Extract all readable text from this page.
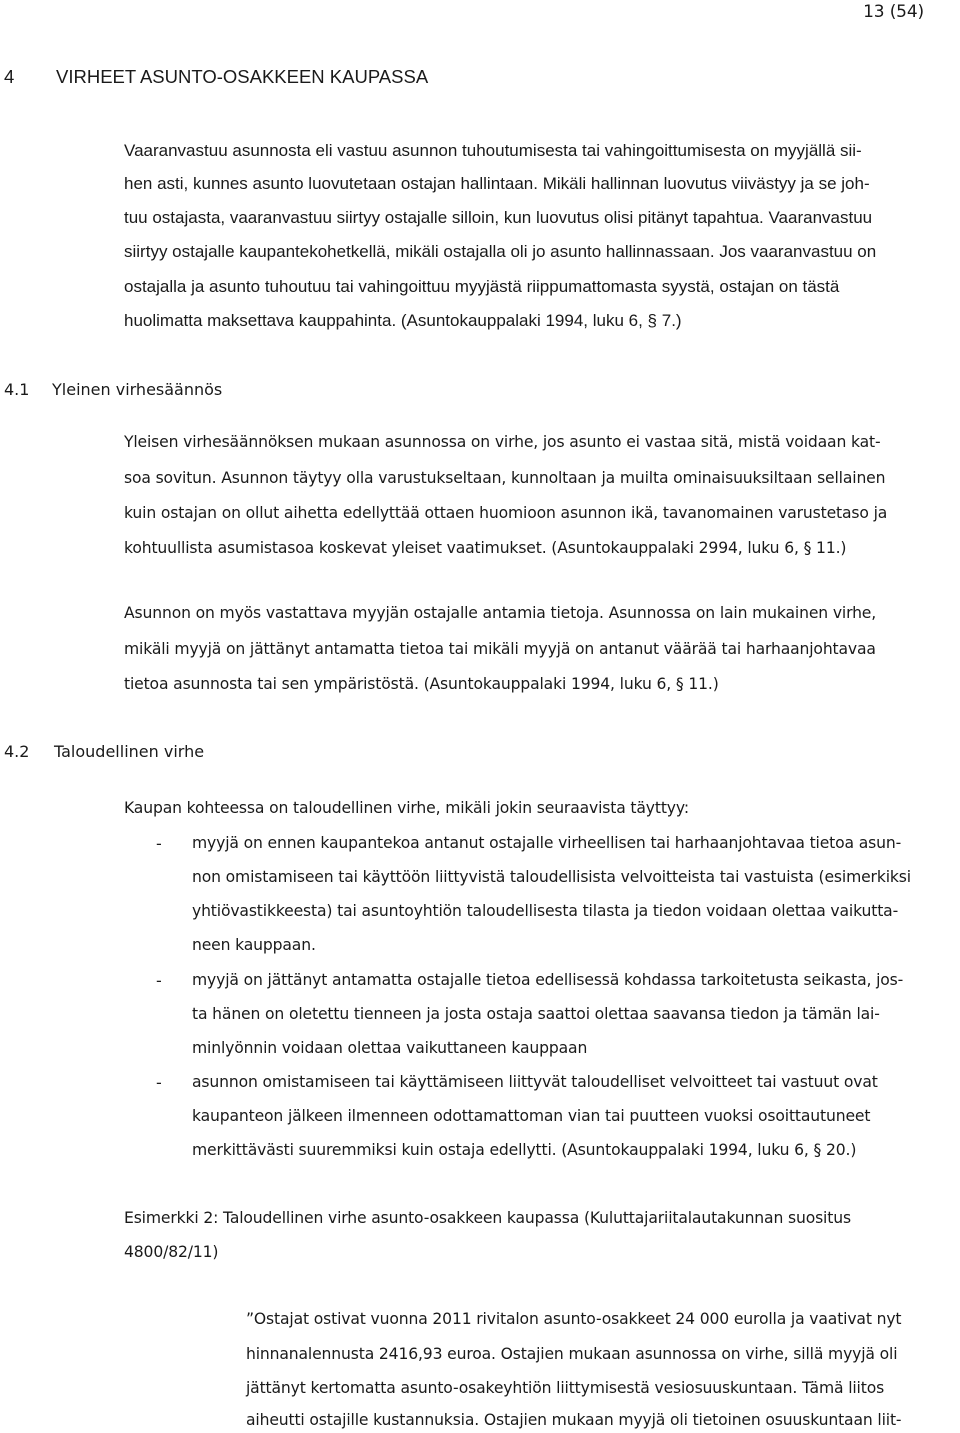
13 (54)
4 VIRHEET ASUNTO-OSAKKEEN KAUPASSA
Vaaranvastuu asunnosta eli vastuu asunnon tuhoutumisesta tai vahingoittumisesta on myyjällä sii-
hen asti, kunnes asunto luovutetaan ostajan hallintaan. Mikäli hallinnan luovutus viivästyy ja se joh-
tuu ostajasta, vaaranvastuu siirtyy ostajalle silloin, kun luovutus olisi pitänyt tapahtua. Vaaranvastuu
siirtyy ostajalle kaupantekohetkellä, mikäli ostajalla oli jo asunto hallinnassaan. Jos vaaranvastuu on
ostajalla ja asunto tuhoutuu tai vahingoittuu myyjästä riippumattomasta syystä, ostajan on tästä
huolimatta maksettava kauppahinta. (Asuntokauppalaki 1994, luku 6, § 7.)
4.1 Yleinen virhesäännös
Yleisen virhesäännöksen mukaan asunnossa on virhe, jos asunto ei vastaa sitä, mistä voidaan kat-
soa sovitun. Asunnon täytyy olla varustukseltaan, kunnoltaan ja muilta ominaisuuksiltaan sellainen
kuin ostajan on ollut aihetta edellyttää ottaen huomioon asunnon ikä, tavanomainen varustetaso ja
kohtuullista asumistasoa koskevat yleiset vaatimukset. (Asuntokauppalaki 2994, luku 6, § 11.)
Asunnon on myös vastattava myyjän ostajalle antamia tietoja. Asunnossa on lain mukainen virhe,
mikäli myyjä on jättänyt antamatta tietoa tai mikäli myyjä on antanut väärää tai harhaanjohtavaa
tietoa asunnosta tai sen ympäristöstä. (Asuntokauppalaki 1994, luku 6, § 11.)
4.2 Taloudellinen virhe
Kaupan kohteessa on taloudellinen virhe, mikäli jokin seuraavista täyttyy:
- myyjä on ennen kaupantekoa antanut ostajalle virheellisen tai harhaanjohtavaa tietoa asun-
non omistamiseen tai käyttöön liittyvistä taloudellisista velvoitteista tai vastuista (esimerkiksi
yhtiövastikkeesta) tai asuntoyhtiön taloudellisesta tilasta ja tiedon voidaan olettaa vaikutta-
neen kauppaan.
- myyjä on jättänyt antamatta ostajalle tietoa edellisessä kohdassa tarkoitetusta seikasta, jos-
ta hänen on oletettu tienneen ja josta ostaja saattoi olettaa saavansa tiedon ja tämän lai-
minlyönnin voidaan olettaa vaikuttaneen kauppaan
- asunnon omistamiseen tai käyttämiseen liittyvät taloudelliset velvoitteet tai vastuut ovat
kaupanteon jälkeen ilmenneen odottamattoman vian tai puutteen vuoksi osoittautuneet
merkittävästi suuremmiksi kuin ostaja edellytti. (Asuntokauppalaki 1994, luku 6, § 20.)
Esimerkki 2: Taloudellinen virhe asunto-osakkeen kaupassa (Kuluttajariitalautakunnan suositus
4800/82/11)
”Ostajat ostivat vuonna 2011 rivitalon asunto-osakkeet 24 000 eurolla ja vaativat nyt
hinnanalennusta 2416,93 euroa. Ostajien mukaan asunnossa on virhe, sillä myyjä oli
jättänyt kertomatta asunto-osakeyhtiön liittymisestä vesiosuuskuntaan. Tämä liitos
aiheutti ostajille kustannuksia. Ostajien mukaan myyjä oli tietoinen osuuskuntaan liit-
